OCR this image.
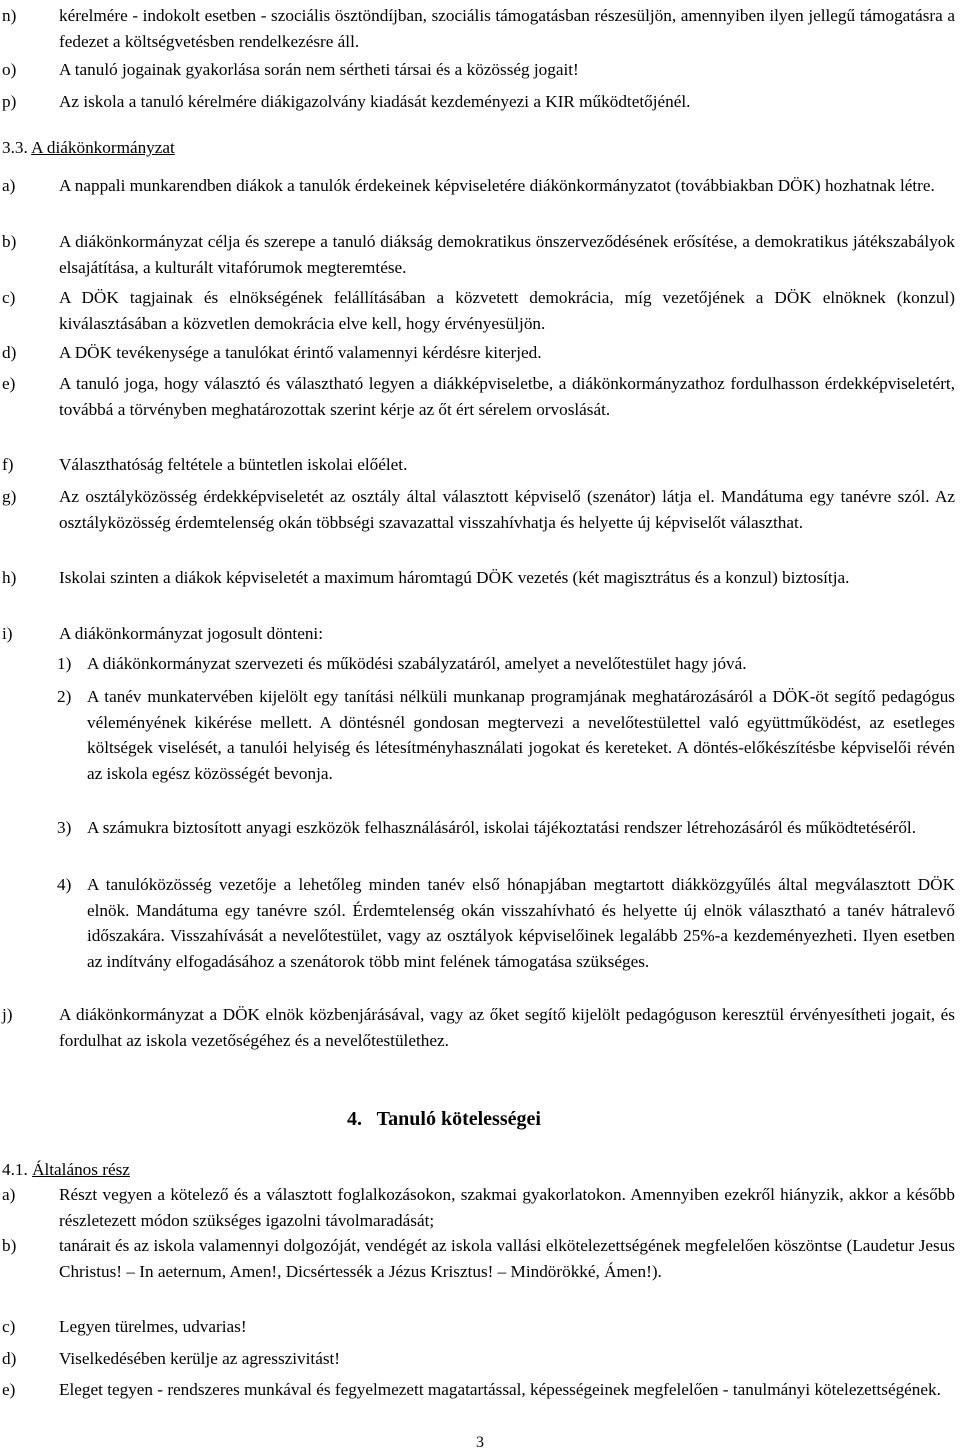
n)	kérelmére - indokolt esetben - szociális ösztöndíjban, szociális támogatásban részesüljön, amennyiben ilyen jellegű támogatásra a fedezet a költségvetésben rendelkezésre áll.
o)	A tanuló jogainak gyakorlása során nem sértheti társai és a közösség jogait!
p)	Az iskola a tanuló kérelmére diákigazolvány kiadását kezdeményezi a KIR működtetőjénél.
3.3. A diákönkormányzat
a)	A nappali munkarendben diákok a tanulók érdekeinek képviseletére diákönkormányzatot (továbbiakban DÖK) hozhatnak létre.
b)	A diákönkormányzat célja és szerepe a tanuló diákság demokratikus önszerveződésének erősítése, a demokratikus játékszabályok elsajátítása, a kulturált vitafórumok megteremtése.
c)	A DÖK tagjainak és elnökségének felállításában a közvetett demokrácia, míg vezetőjének a DÖK elnöknek (konzul) kiválasztásában a közvetlen demokrácia elve kell, hogy érvényesüljön.
d)	A DÖK tevékenysége a tanulókat érintő valamennyi kérdésre kiterjed.
e)	A tanuló joga, hogy választó és választható legyen a diákképviseletbe, a diákönkormányzathoz fordulhasson érdekképviseletért, továbbá a törvényben meghatározottak szerint kérje az őt ért sérelem orvoslását.
f)	Választhatóság feltétele a büntetlen iskolai előélet.
g)	Az osztályközösség érdekképviseletét az osztály által választott képviselő (szenátor) látja el. Mandátuma egy tanévre szól. Az osztályközösség érdemtelenség okán többségi szavazattal visszahívhatja és helyette új képviselőt választhat.
h)	Iskolai szinten a diákok képviseletét a maximum háromtagú DÖK vezetés (két magisztrátus és a konzul) biztosítja.
i)	A diákönkormányzat jogosult dönteni:
1) A diákönkormányzat szervezeti és működési szabályzatáról, amelyet a nevelőtestület hagy jóvá.
2) A tanév munkatervében kijelölt egy tanítási nélküli munkanap programjának meghatározásáról a DÖK-öt segítő pedagógus véleményének kikérése mellett. A döntésnél gondosan megtervezi a nevelőtestülettel való együttműködést, az esetleges költségek viselését, a tanulói helyiség és létesítményhasználati jogokat és kereteket. A döntés-előkészítésbe képviselői révén az iskola egész közösségét bevonja.
3) A számukra biztosított anyagi eszközök felhasználásáról, iskolai tájékoztatási rendszer létrehozásáról és működtetéséről.
4) A tanulóközösség vezetője a lehetőleg minden tanév első hónapjában megtartott diákközgyűlés által megválasztott DÖK elnök. Mandátuma egy tanévre szól. Érdemtelenség okán visszahívható és helyette új elnök választható a tanév hátralevő időszakára. Visszahívását a nevelőtestület, vagy az osztályok képviselőinek legalább 25%-a kezdeményezheti. Ilyen esetben az indítvány elfogadásához a szenátorok több mint felének támogatása szükséges.
j)	A diákönkormányzat a DÖK elnök közbenjárásával, vagy az őket segítő kijelölt pedagóguson keresztül érvényesítheti jogait, és fordulhat az iskola vezetőségéhez és a nevelőtestülethez.
4. Tanuló kötelességei
4.1. Általános rész
a)	Részt vegyen a kötelező és a választott foglalkozásokon, szakmai gyakorlatokon. Amennyiben ezekről hiányzik, akkor a később részletezett módon szükséges igazolni távolmaradását;
b)	tanárait és az iskola valamennyi dolgozóját, vendégét az iskola vallási elkötelezettségének megfelelően köszöntse (Laudetur Jesus Christus! – In aeternum, Amen!, Dicsértessék a Jézus Krisztus! – Mindörökké, Ámen!).
c)	Legyen türelmes, udvarias!
d)	Viselkedésében kerülje az agresszivitást!
e)	Eleget tegyen - rendszeres munkával és fegyelmezett magatartással, képességeinek megfelelően - tanulmányi kötelezettségének.
3
